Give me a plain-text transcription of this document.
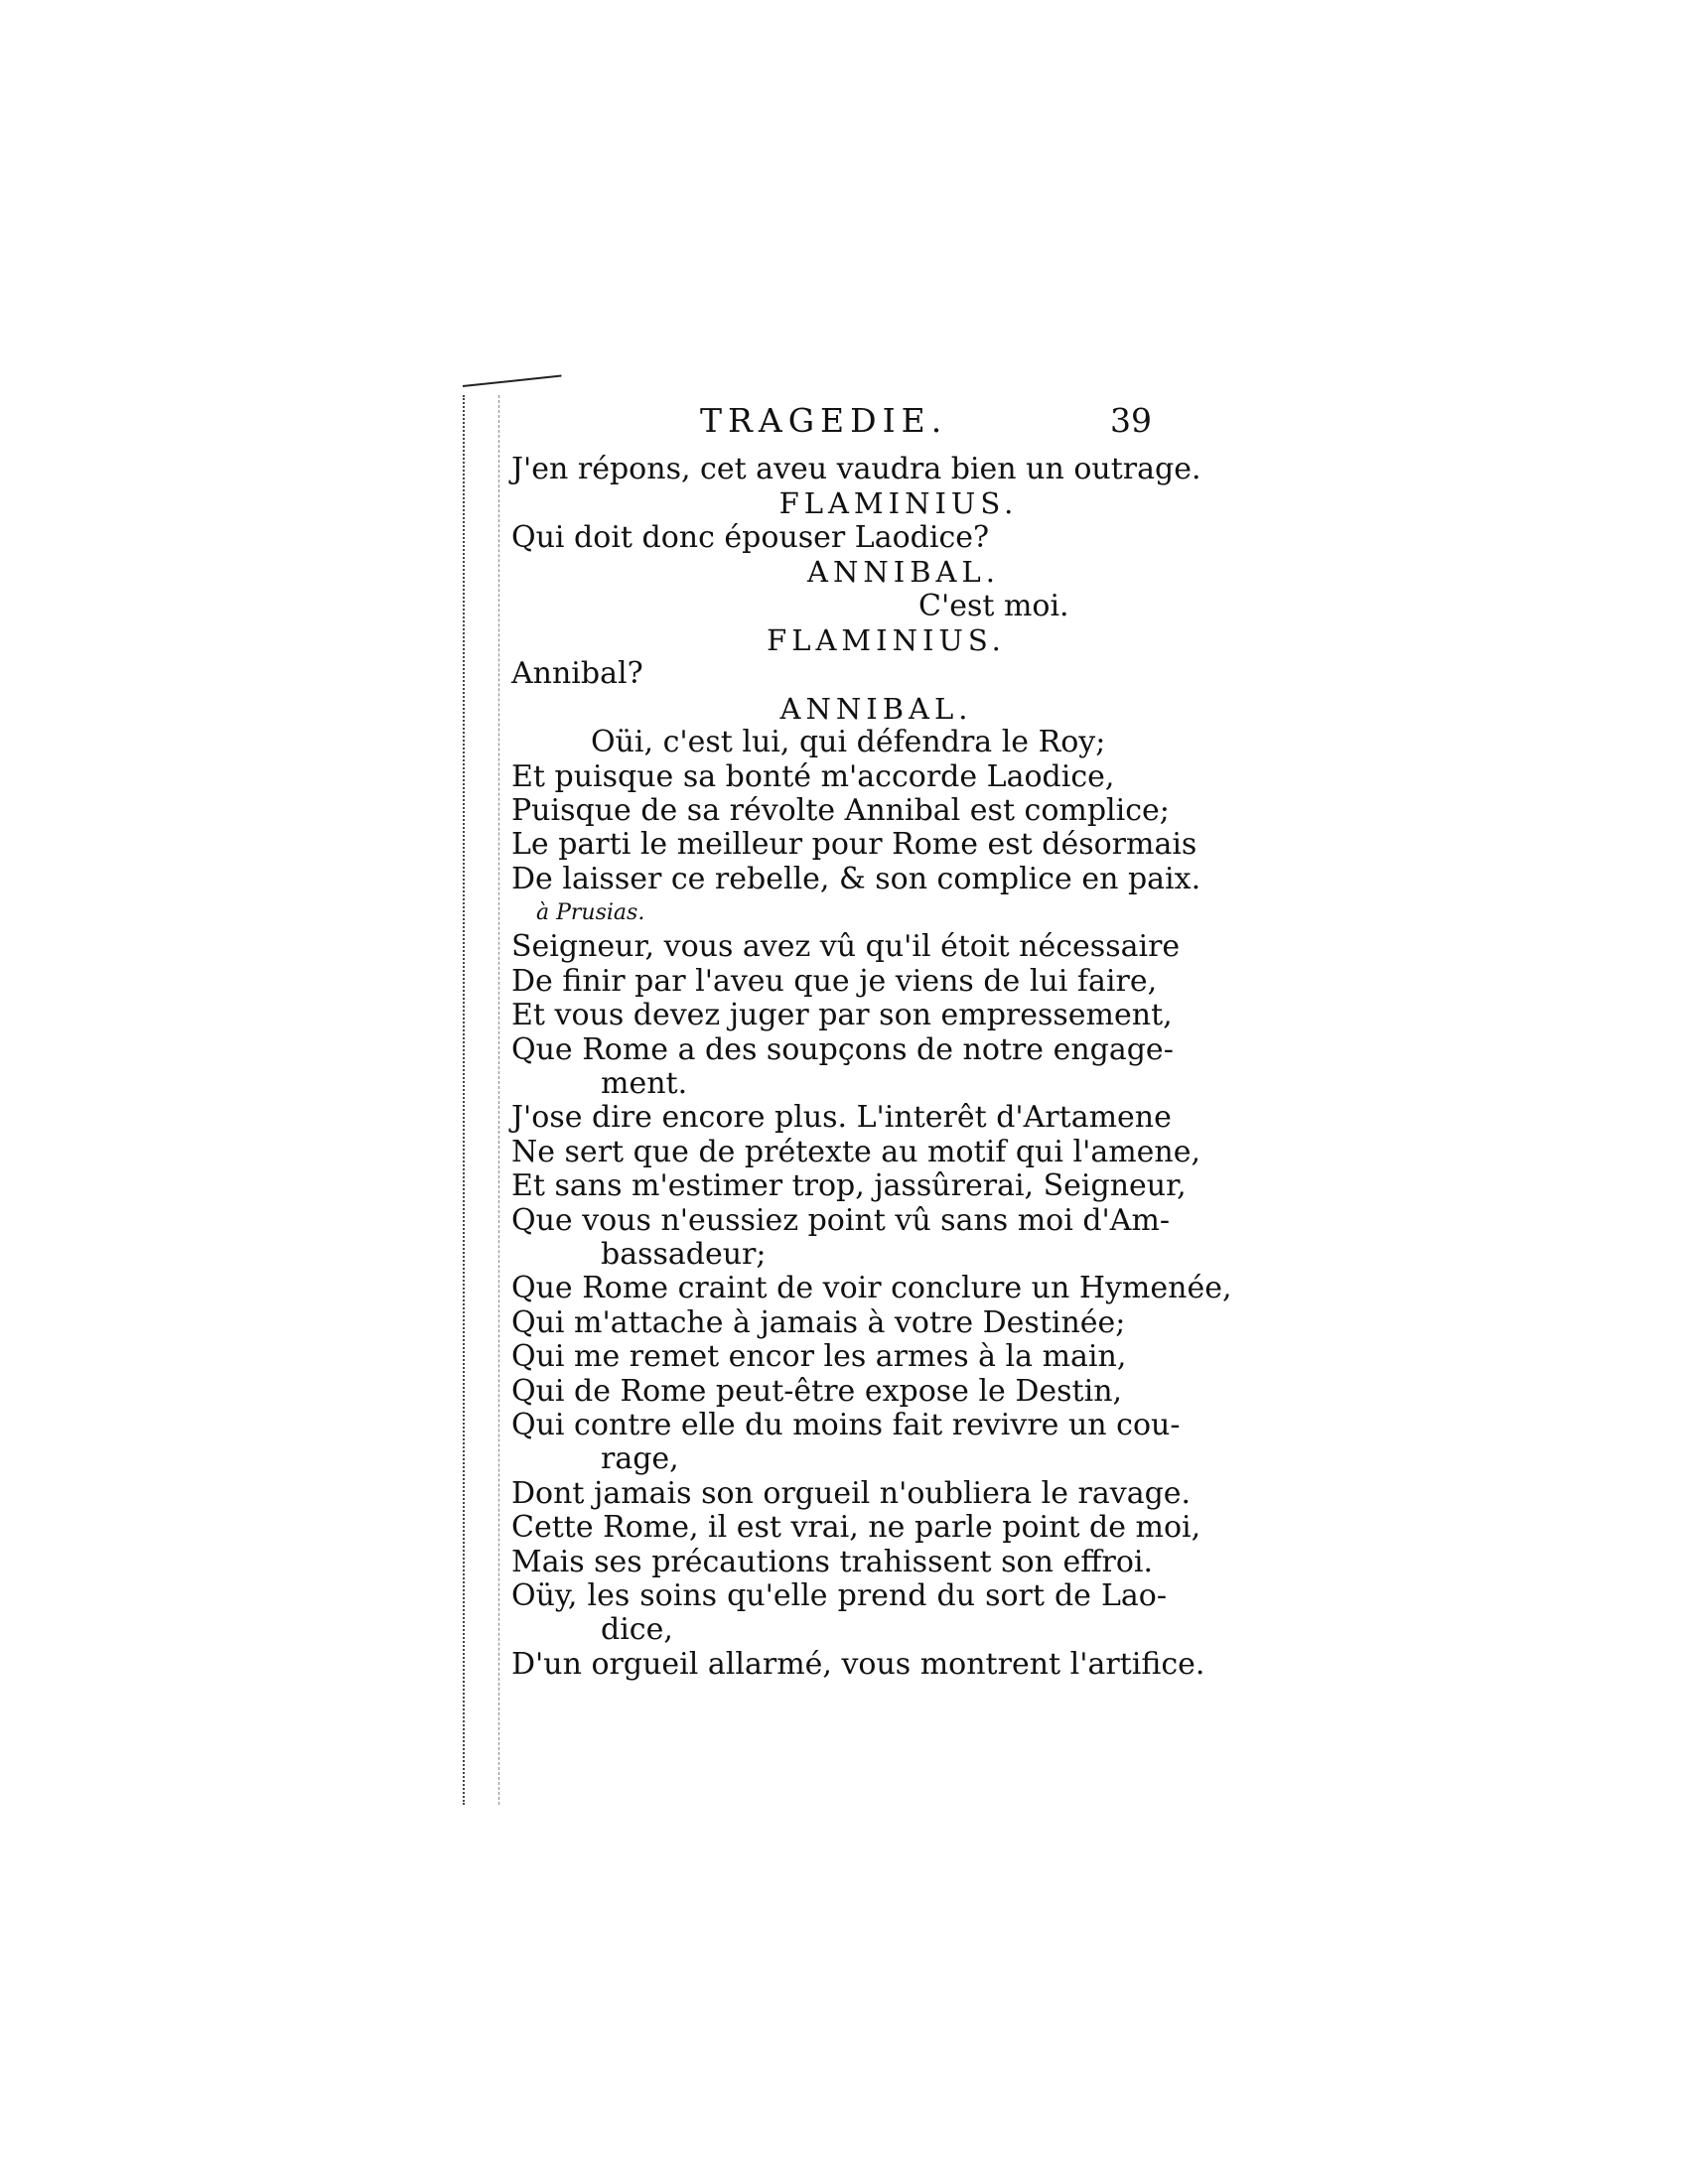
TRAGEDIE.	39
J'en répons, cet aveu vaudra bien un outrage.
FLAMINIUS.
Qui doit donc épouser Laodice?
ANNIBAL.
C'est moi.
FLAMINIUS.
Annibal?
ANNIBAL.
Oüi, c'est lui, qui défendra le Roy;
Et puisque sa bonté m'accorde Laodice,
Puisque de sa révolte Annibal est complice;
Le parti le meilleur pour Rome est désormais
De laisser ce rebelle, & son complice en paix.
à Prusias.
Seigneur, vous avez vû qu'il étoit nécessaire
De finir par l'aveu que je viens de lui faire,
Et vous devez juger par son empressement,
Que Rome a des soupçons de notre engage-
ment.
J'ose dire encore plus. L'interêt d'Artamene
Ne sert que de prétexte au motif qui l'amene,
Et sans m'estimer trop, jassûrerai, Seigneur,
Que vous n'eussiez point vû sans moi d'Am-
bassadeur;
Que Rome craint de voir conclure un Hymenée,
Qui m'attache à jamais à votre Destinée;
Qui me remet encor les armes à la main,
Qui de Rome peut-être expose le Destin,
Qui contre elle du moins fait revivre un cou-
rage,
Dont jamais son orgueil n'oubliera le ravage.
Cette Rome, il est vrai, ne parle point de moi,
Mais ses précautions trahissent son effroi.
Oüy, les soins qu'elle prend du sort de Lao-
dice,
D'un orgueil allarmé, vous montrent l'artifice.
